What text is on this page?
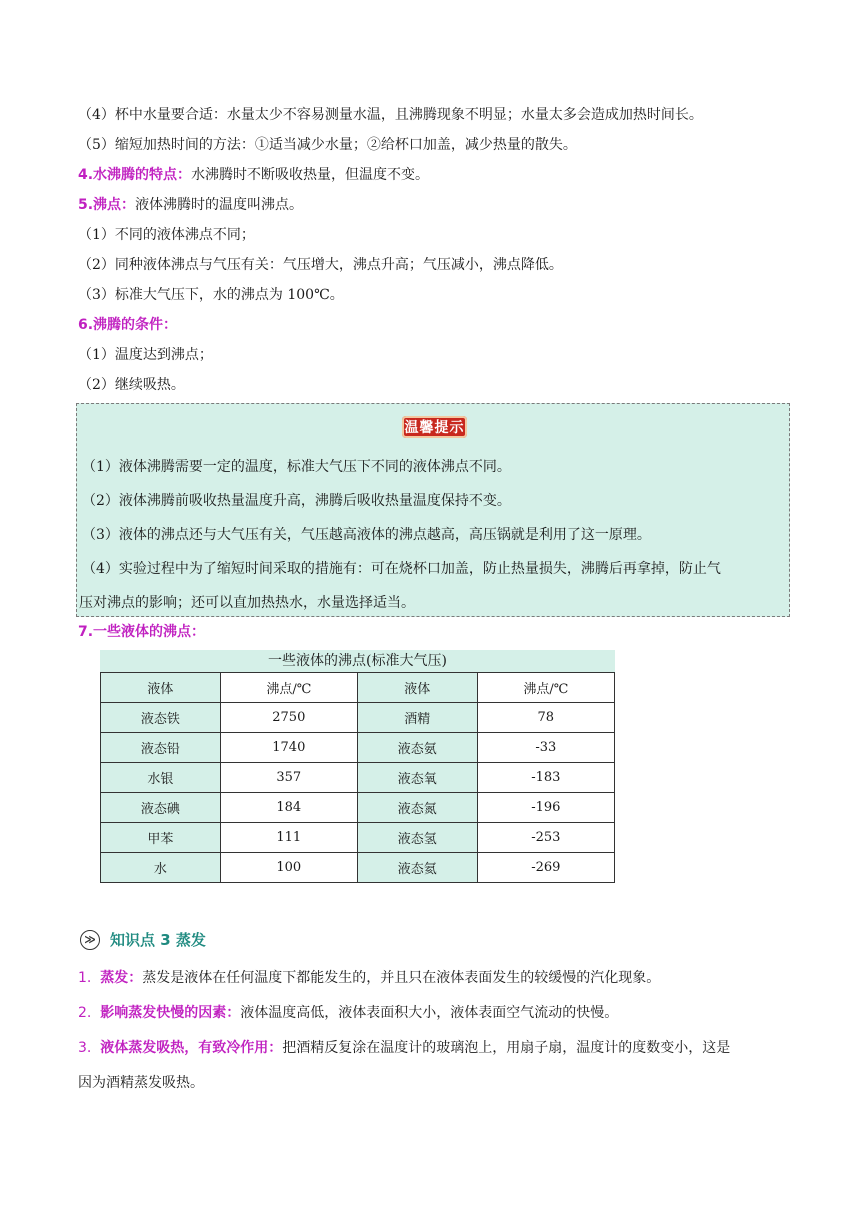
（4）杯中水量要合适：水量太少不容易测量水温，且沸腾现象不明显；水量太多会造成加热时间长。
（5）缩短加热时间的方法：①适当减少水量；②给杯口加盖，减少热量的散失。
4.水沸腾的特点：水沸腾时不断吸收热量，但温度不变。
5.沸点：液体沸腾时的温度叫沸点。
（1）不同的液体沸点不同；
（2）同种液体沸点与气压有关：气压增大，沸点升高；气压减小，沸点降低。
（3）标准大气压下，水的沸点为 100℃。
6.沸腾的条件：
（1）温度达到沸点；
（2）继续吸热。
温馨提示
（1）液体沸腾需要一定的温度，标准大气压下不同的液体沸点不同。
（2）液体沸腾前吸收热量温度升高，沸腾后吸收热量温度保持不变。
（3）液体的沸点还与大气压有关，气压越高液体的沸点越高，高压锅就是利用了这一原理。
（4）实验过程中为了缩短时间采取的措施有：可在烧杯口加盖，防止热量损失，沸腾后再拿掉，防止气
压对沸点的影响；还可以直加热热水，水量选择适当。
7.一些液体的沸点：
一些液体的沸点(标准大气压)
液体	沸点/℃	液体	沸点/℃
液态铁	2750	酒精	78
液态铅	1740	液态氨	-33
水银	357	液态氧	-183
液态碘	184	液态氮	-196
甲苯	111	液态氢	-253
水	100	液态氦	-269
≫ 知识点 3 蒸发
1. 蒸发：蒸发是液体在任何温度下都能发生的，并且只在液体表面发生的较缓慢的汽化现象。
2. 影响蒸发快慢的因素：液体温度高低，液体表面积大小，液体表面空气流动的快慢。
3. 液体蒸发吸热，有致冷作用：把酒精反复涂在温度计的玻璃泡上，用扇子扇，温度计的度数变小，这是
因为酒精蒸发吸热。
